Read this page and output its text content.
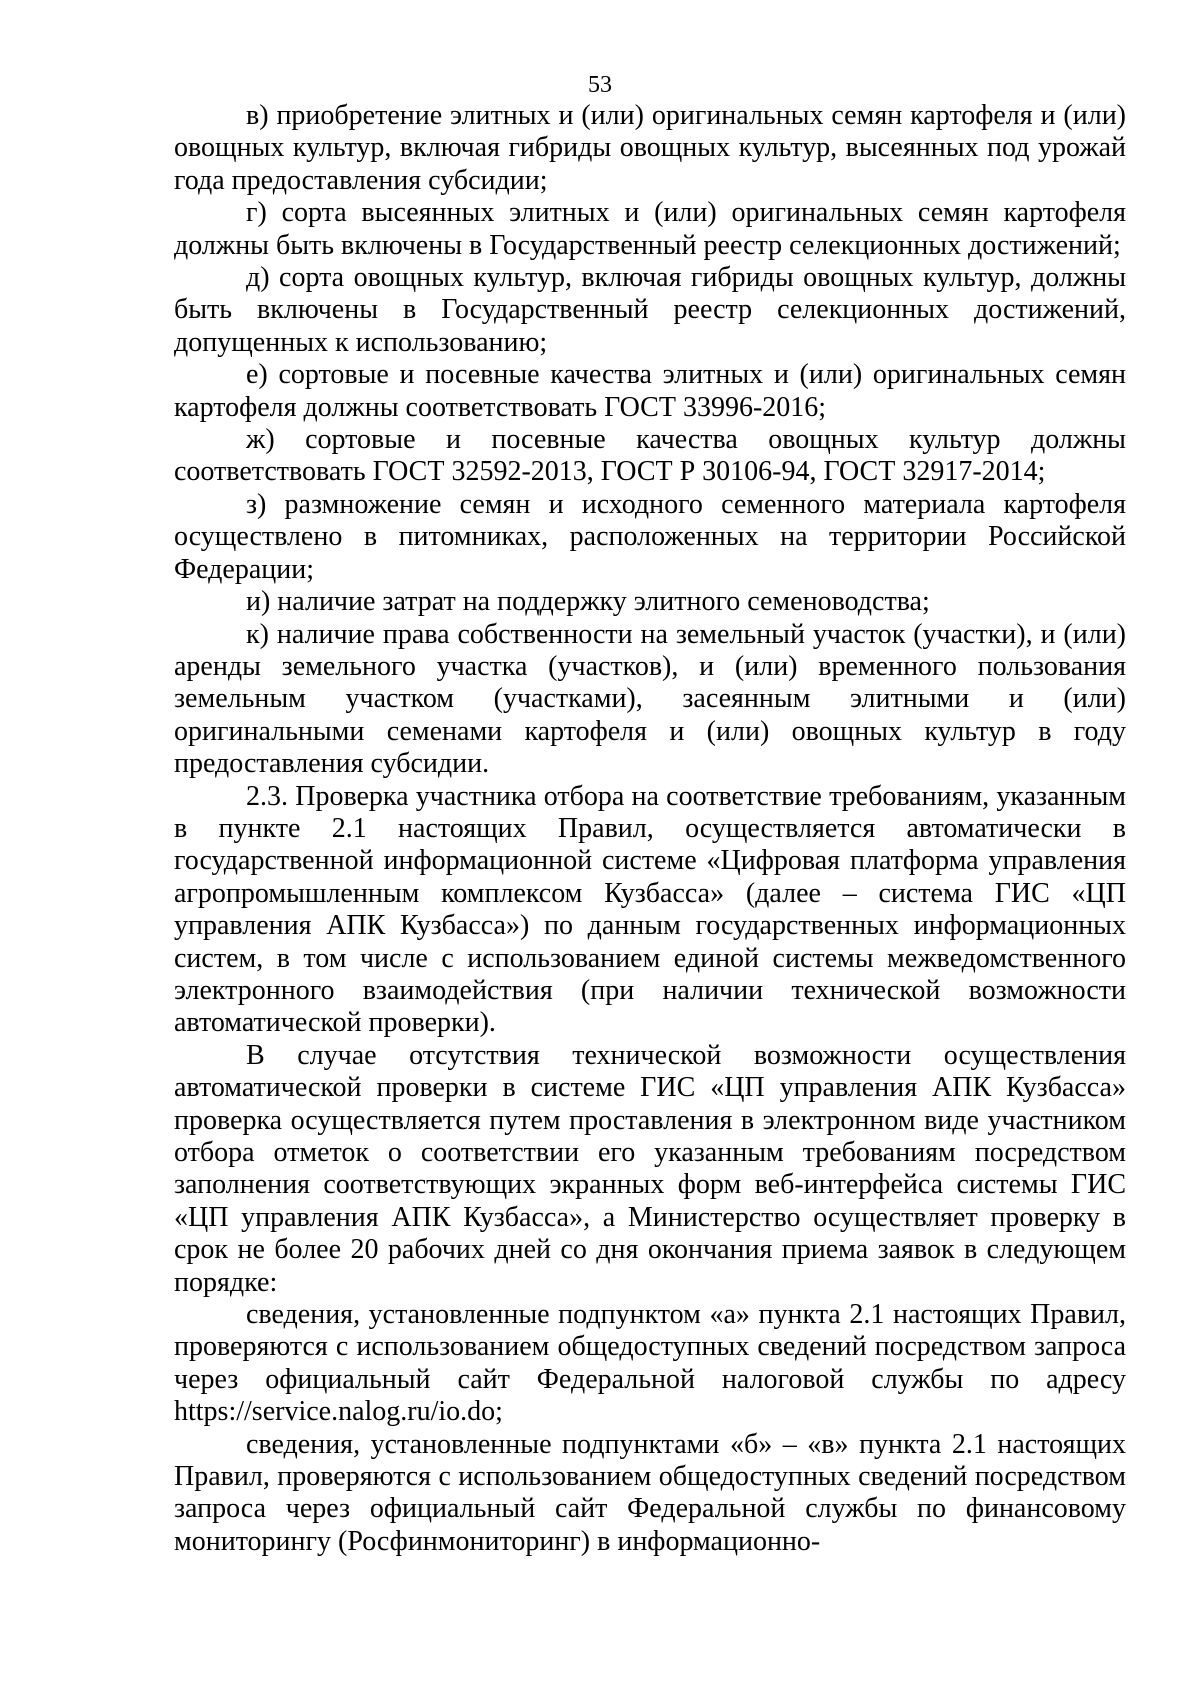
53

в) приобретение элитных и (или) оригинальных семян картофеля и (или) овощных культур, включая гибриды овощных культур, высеянных под урожай года предоставления субсидии;

г) сорта высеянных элитных и (или) оригинальных семян картофеля должны быть включены в Государственный реестр селекционных достижений;

д) сорта овощных культур, включая гибриды овощных культур, должны быть включены в Государственный реестр селекционных достижений, допущенных к использованию;

е) сортовые и посевные качества элитных и (или) оригинальных семян картофеля должны соответствовать ГОСТ 33996-2016;

ж) сортовые и посевные качества овощных культур должны соответствовать ГОСТ 32592-2013, ГОСТ Р 30106-94, ГОСТ 32917-2014;

з) размножение семян и исходного семенного материала картофеля осуществлено в питомниках, расположенных на территории Российской Федерации;

и) наличие затрат на поддержку элитного семеноводства;

к) наличие права собственности на земельный участок (участки), и (или) аренды земельного участка (участков), и (или) временного пользования земельным участком (участками), засеянным элитными и (или) оригинальными семенами картофеля и (или) овощных культур в году предоставления субсидии.

2.3. Проверка участника отбора на соответствие требованиям, указанным в пункте 2.1 настоящих Правил, осуществляется автоматически в государственной информационной системе «Цифровая платформа управления агропромышленным комплексом Кузбасса» (далее – система ГИС «ЦП управления АПК Кузбасса») по данным государственных информационных систем, в том числе с использованием единой системы межведомственного электронного взаимодействия (при наличии технической возможности автоматической проверки).

В случае отсутствия технической возможности осуществления автоматической проверки в системе ГИС «ЦП управления АПК Кузбасса» проверка осуществляется путем проставления в электронном виде участником отбора отметок о соответствии его указанным требованиям посредством заполнения соответствующих экранных форм веб-интерфейса системы ГИС «ЦП управления АПК Кузбасса», а Министерство осуществляет проверку в срок не более 20 рабочих дней со дня окончания приема заявок в следующем порядке:

сведения, установленные подпунктом «а» пункта 2.1 настоящих Правил, проверяются с использованием общедоступных сведений посредством запроса через официальный сайт Федеральной налоговой службы по адресу https://service.nalog.ru/io.do;

сведения, установленные подпунктами «б» – «в» пункта 2.1 настоящих Правил, проверяются с использованием общедоступных сведений посредством запроса через официальный сайт Федеральной службы по финансовому мониторингу (Росфинмониторинг) в информационно-
